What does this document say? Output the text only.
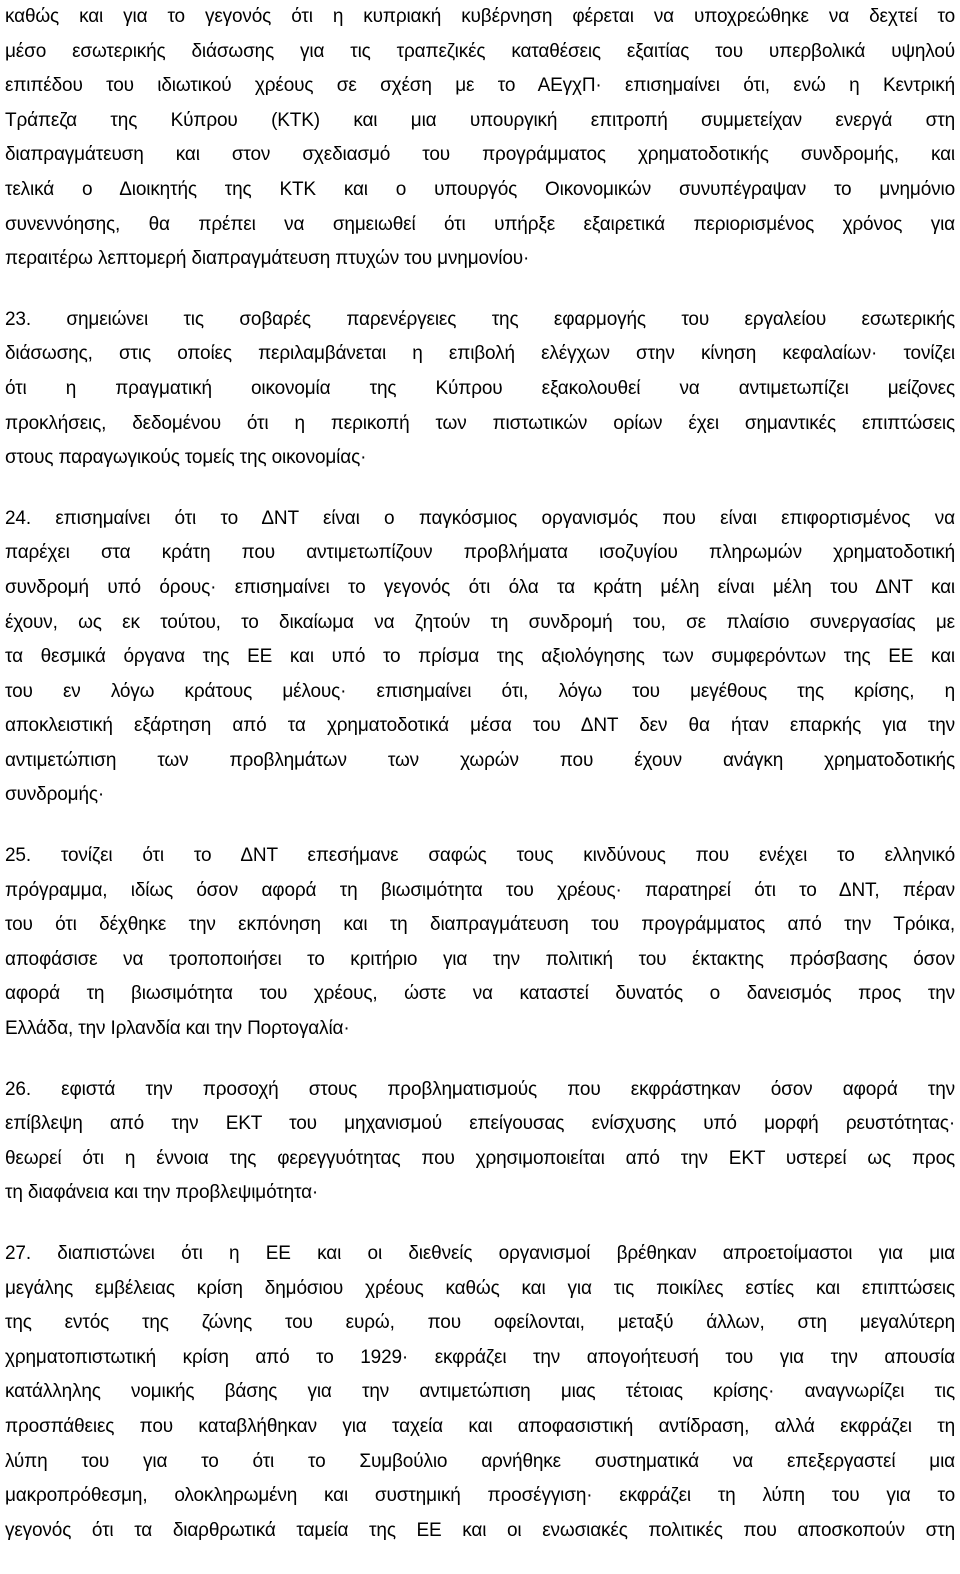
καθώς και για το γεγονός ότι η κυπριακή κυβέρνηση φέρεται να υποχρεώθηκε να δεχτεί το
μέσο εσωτερικής διάσωσης για τις τραπεζικές καταθέσεις εξαιτίας του υπερβολικά υψηλού
επιπέδου του ιδιωτικού χρέους σε σχέση με το ΑΕγχΠ· επισημαίνει ότι, ενώ η Κεντρική
Τράπεζα της Κύπρου (ΚΤΚ) και μια υπουργική επιτροπή συμμετείχαν ενεργά στη
διαπραγμάτευση και στον σχεδιασμό του προγράμματος χρηματοδοτικής συνδρομής, και
τελικά ο Διοικητής της ΚΤΚ και ο υπουργός Οικονομικών συνυπέγραψαν το μνημόνιο
συνεννόησης, θα πρέπει να σημειωθεί ότι υπήρξε εξαιρετικά περιορισμένος χρόνος για
περαιτέρω λεπτομερή διαπραγμάτευση πτυχών του μνημονίου·
23. σημειώνει τις σοβαρές παρενέργειες της εφαρμογής του εργαλείου εσωτερικής
διάσωσης, στις οποίες περιλαμβάνεται η επιβολή ελέγχων στην κίνηση κεφαλαίων· τονίζει
ότι η πραγματική οικονομία της Κύπρου εξακολουθεί να αντιμετωπίζει μείζονες
προκλήσεις, δεδομένου ότι η περικοπή των πιστωτικών ορίων έχει σημαντικές επιπτώσεις
στους παραγωγικούς τομείς της οικονομίας·
24. επισημαίνει ότι το ΔΝΤ είναι ο παγκόσμιος οργανισμός που είναι επιφορτισμένος να
παρέχει στα κράτη που αντιμετωπίζουν προβλήματα ισοζυγίου πληρωμών χρηματοδοτική
συνδρομή υπό όρους· επισημαίνει το γεγονός ότι όλα τα κράτη μέλη είναι μέλη του ΔΝΤ και
έχουν, ως εκ τούτου, το δικαίωμα να ζητούν τη συνδρομή του, σε πλαίσιο συνεργασίας με
τα θεσμικά όργανα της ΕΕ και υπό το πρίσμα της αξιολόγησης των συμφερόντων της ΕΕ και
του εν λόγω κράτους μέλους· επισημαίνει ότι, λόγω του μεγέθους της κρίσης, η
αποκλειστική εξάρτηση από τα χρηματοδοτικά μέσα του ΔΝΤ δεν θα ήταν επαρκής για την
αντιμετώπιση των προβλημάτων των χωρών που έχουν ανάγκη χρηματοδοτικής
συνδρομής·
25. τονίζει ότι το ΔΝΤ επεσήμανε σαφώς τους κινδύνους που ενέχει το ελληνικό
πρόγραμμα, ιδίως όσον αφορά τη βιωσιμότητα του χρέους· παρατηρεί ότι το ΔΝΤ, πέραν
του ότι δέχθηκε την εκπόνηση και τη διαπραγμάτευση του προγράμματος από την Τρόικα,
αποφάσισε να τροποποιήσει το κριτήριο για την πολιτική του έκτακτης πρόσβασης όσον
αφορά τη βιωσιμότητα του χρέους, ώστε να καταστεί δυνατός ο δανεισμός προς την
Ελλάδα, την Ιρλανδία και την Πορτογαλία·
26. εφιστά την προσοχή στους προβληματισμούς που εκφράστηκαν όσον αφορά την
επίβλεψη από την ΕΚΤ του μηχανισμού επείγουσας ενίσχυσης υπό μορφή ρευστότητας·
θεωρεί ότι η έννοια της φερεγγυότητας που χρησιμοποιείται από την ΕΚΤ υστερεί ως προς
τη διαφάνεια και την προβλεψιμότητα·
27. διαπιστώνει ότι η ΕΕ και οι διεθνείς οργανισμοί βρέθηκαν απροετοίμαστοι για μια
μεγάλης εμβέλειας κρίση δημόσιου χρέους καθώς και για τις ποικίλες εστίες και επιπτώσεις
της εντός της ζώνης του ευρώ, που οφείλονται, μεταξύ άλλων, στη μεγαλύτερη
χρηματοπιστωτική κρίση από το 1929· εκφράζει την απογοήτευσή του για την απουσία
κατάλληλης νομικής βάσης για την αντιμετώπιση μιας τέτοιας κρίσης· αναγνωρίζει τις
προσπάθειες που καταβλήθηκαν για ταχεία και αποφασιστική αντίδραση, αλλά εκφράζει τη
λύπη του για το ότι το Συμβούλιο αρνήθηκε συστηματικά να επεξεργαστεί μια
μακροπρόθεσμη, ολοκληρωμένη και συστημική προσέγγιση· εκφράζει τη λύπη του για το
γεγονός ότι τα διαρθρωτικά ταμεία της ΕΕ και οι ενωσιακές πολιτικές που αποσκοπούν στη
